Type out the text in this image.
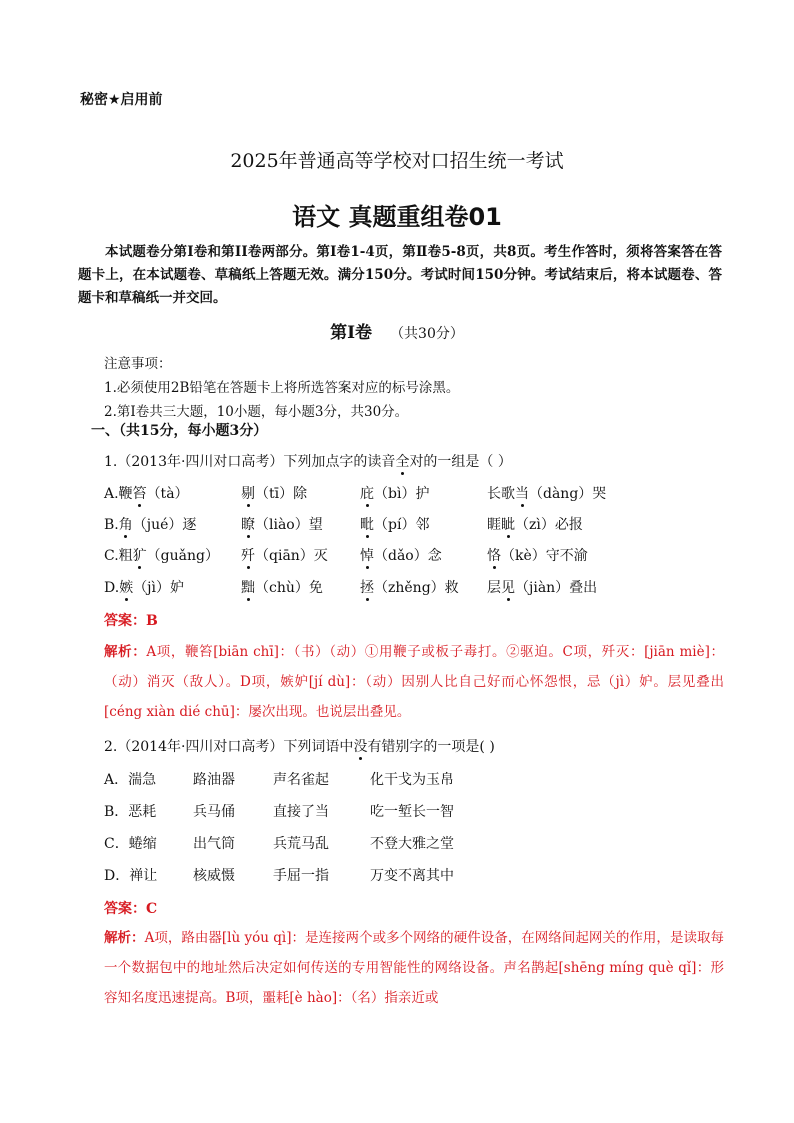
秘密★启用前
2025年普通高等学校对口招生统一考试
语文 真题重组卷01
本试题卷分第Ⅰ卷和第ⅠⅠ卷两部分。第Ⅰ卷1-4页，第Ⅱ卷5-8页，共8页。考生作答时，须将答案答在答题卡上，在本试题卷、草稿纸上答题无效。满分150分。考试时间150分钟。考试结束后，将本试题卷、答题卡和草稿纸一并交回。
第Ⅰ卷 （共30分）
注意事项：
1.必须使用2B铅笔在答题卡上将所选答案对应的标号涂黑。
2.第Ⅰ卷共三大题，10小题，每小题3分，共30分。
一、（共15分，每小题3分）
1.（2013年·四川对口高考）下列加点字的读音全对的一组是（ ）
A.鞭笞（tà）	剔（tī）除	庇（bì）护	长歌当（dàng）哭
B.角（jué）逐	瞭（liào）望	毗（pí）邻	睚眦（zì）必报
C.粗犷（guǎng） 歼（qiān）灭 悼（dǎo）念	恪（kè）守不渝
D.嫉（jì）妒	黜（chù）免	拯（zhěng）救 层见（jiàn）叠出
答案：B
解析：A项，鞭笞[biān chī]：（书）（动）①用鞭子或板子毒打。②驱迫。C项，歼灭：[jiān miè]：（动）消灭（敌人）。D项，嫉妒[jí dù]：（动）因别人比自己好而心怀怨恨，忌（jì）妒。层见叠出[céng xiàn dié chū]：屡次出现。也说层出叠见。
2.（2014年·四川对口高考）下列词语中没有错别字的一项是( )
A．湍急	路油器	声名雀起	化干戈为玉帛
B．恶耗	兵马俑	直接了当	吃一堑长一智
C．蜷缩	出气筒	兵荒马乱	不登大雅之堂
D．禅让	核威慑	手屈一指	万变不离其中
答案：C
解析：A项，路由器[lù yóu qì]：是连接两个或多个网络的硬件设备，在网络间起网关的作用，是读取每一个数据包中的地址然后决定如何传送的专用智能性的网络设备。声名鹊起[shēng míng què qǐ]：形容知名度迅速提高。B项，噩耗[è hào]：（名）指亲近或
